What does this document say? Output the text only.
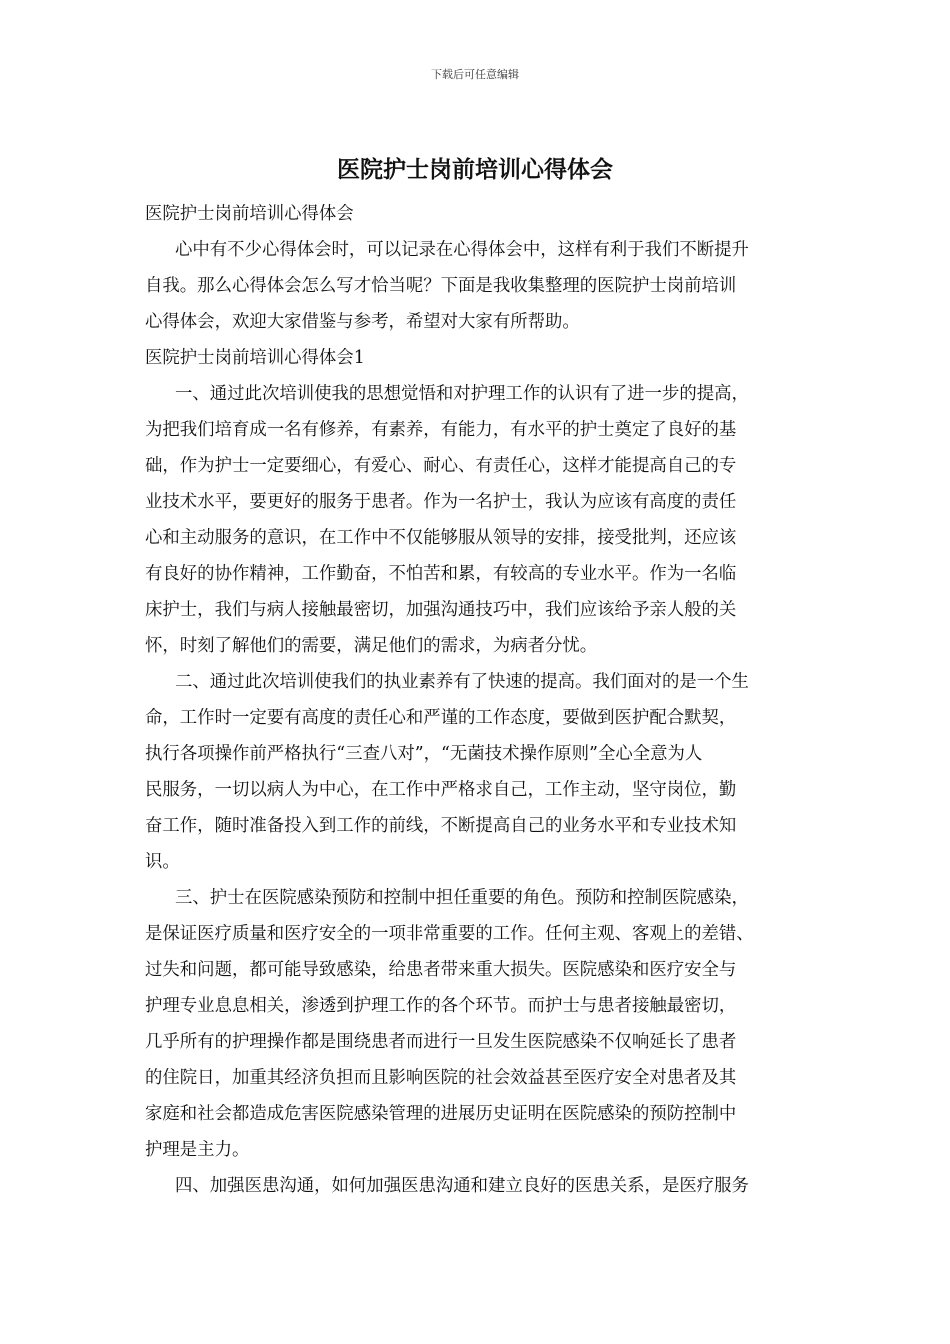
下载后可任意编辑
医院护士岗前培训心得体会
医院护士岗前培训心得体会
心中有不少心得体会时，可以记录在心得体会中，这样有利于我们不断提升
自我。那么心得体会怎么写才恰当呢？下面是我收集整理的医院护士岗前培训
心得体会，欢迎大家借鉴与参考，希望对大家有所帮助。
医院护士岗前培训心得体会1
一、通过此次培训使我的思想觉悟和对护理工作的认识有了进一步的提高，
为把我们培育成一名有修养，有素养，有能力，有水平的护士奠定了良好的基
础，作为护士一定要细心，有爱心、耐心、有责任心，这样才能提高自己的专
业技术水平，要更好的服务于患者。作为一名护士，我认为应该有高度的责任
心和主动服务的意识，在工作中不仅能够服从领导的安排，接受批判，还应该
有良好的协作精神，工作勤奋，不怕苦和累，有较高的专业水平。作为一名临
床护士，我们与病人接触最密切，加强沟通技巧中，我们应该给予亲人般的关
怀，时刻了解他们的需要，满足他们的需求，为病者分忧。
二、通过此次培训使我们的执业素养有了快速的提高。我们面对的是一个生
命，工作时一定要有高度的责任心和严谨的工作态度，要做到医护配合默契，
执行各项操作前严格执行“三查八对”，“无菌技术操作原则”全心全意为人
民服务，一切以病人为中心，在工作中严格求自己，工作主动，坚守岗位，勤
奋工作，随时准备投入到工作的前线，不断提高自己的业务水平和专业技术知
识。
三、护士在医院感染预防和控制中担任重要的角色。预防和控制医院感染，
是保证医疗质量和医疗安全的一项非常重要的工作。任何主观、客观上的差错、
过失和问题，都可能导致感染，给患者带来重大损失。医院感染和医疗安全与
护理专业息息相关，渗透到护理工作的各个环节。而护士与患者接触最密切，
几乎所有的护理操作都是围绕患者而进行一旦发生医院感染不仅响延长了患者
的住院日，加重其经济负担而且影响医院的社会效益甚至医疗安全对患者及其
家庭和社会都造成危害医院感染管理的进展历史证明在医院感染的预防控制中
护理是主力。
四、加强医患沟通，如何加强医患沟通和建立良好的医患关系，是医疗服务
